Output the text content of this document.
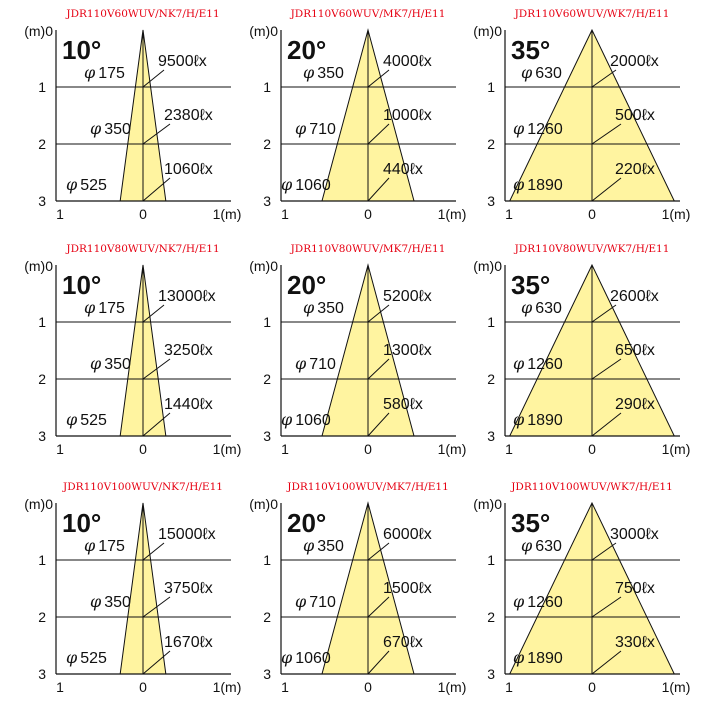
JDR110V60WUV/NK7/H/E11
(m)0
1
2
3
1	0	1(m)
10°
φ 175
φ 350
φ 525
9500ℓx
2380ℓx
1060ℓx
JDR110V60WUV/MK7/H/E11
(m)0
1
2
3
1	0	1(m)
20°
φ 350
φ 710
φ 1060
4000ℓx
1000ℓx
440ℓx
JDR110V60WUV/WK7/H/E11
(m)0
1
2
3
1	0	1(m)
35°
φ 630
φ 1260
φ 1890
2000ℓx
500ℓx
220ℓx
JDR110V80WUV/NK7/H/E11
(m)0
1
2
3
1	0	1(m)
10°
φ 175
φ 350
φ 525
13000ℓx
3250ℓx
1440ℓx
JDR110V80WUV/MK7/H/E11
(m)0
1
2
3
1	0	1(m)
20°
φ 350
φ 710
φ 1060
5200ℓx
1300ℓx
580ℓx
JDR110V80WUV/WK7/H/E11
(m)0
1
2
3
1	0	1(m)
35°
φ 630
φ 1260
φ 1890
2600ℓx
650ℓx
290ℓx
JDR110V100WUV/NK7/H/E11
(m)0
1
2
3
1	0	1(m)
10°
φ 175
φ 350
φ 525
15000ℓx
3750ℓx
1670ℓx
JDR110V100WUV/MK7/H/E11
(m)0
1
2
3
1	0	1(m)
20°
φ 350
φ 710
φ 1060
6000ℓx
1500ℓx
670ℓx
JDR110V100WUV/WK7/H/E11
(m)0
1
2
3
1	0	1(m)
35°
φ 630
φ 1260
φ 1890
3000ℓx
750ℓx
330ℓx
